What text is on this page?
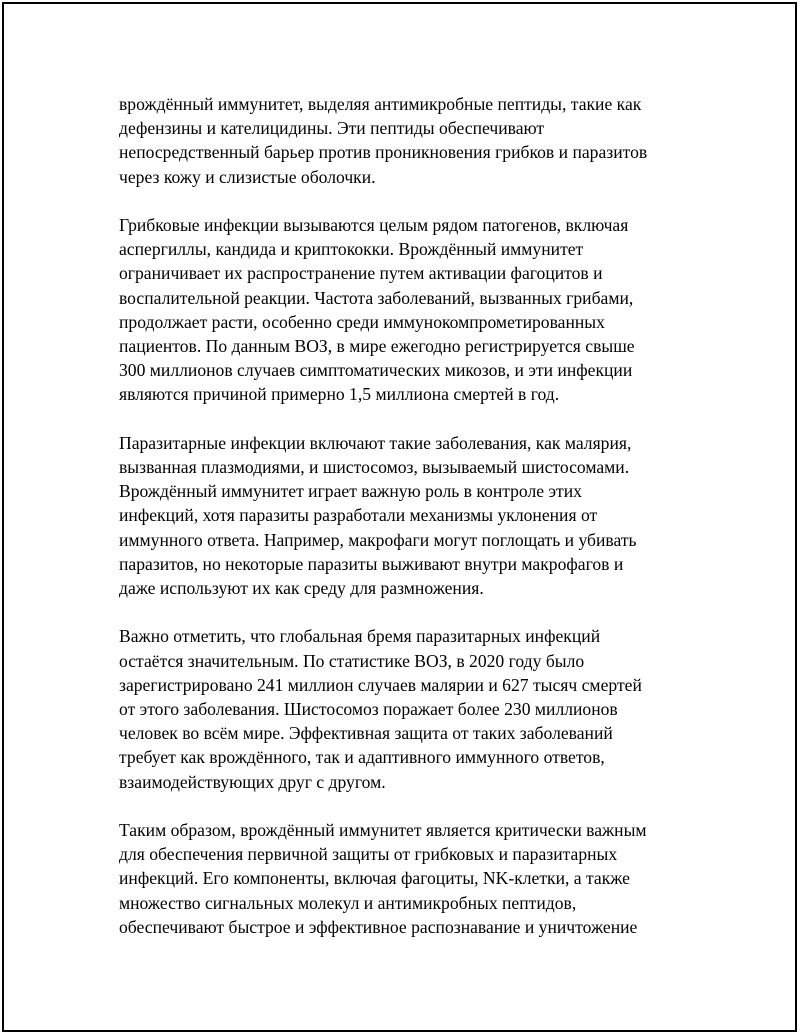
врождённый иммунитет, выделяя антимикробные пептиды, такие как
дефензины и кателицидины. Эти пептиды обеспечивают
непосредственный барьер против проникновения грибков и паразитов
через кожу и слизистые оболочки.
Грибковые инфекции вызываются целым рядом патогенов, включая
аспергиллы, кандида и криптококки. Врождённый иммунитет
ограничивает их распространение путем активации фагоцитов и
воспалительной реакции. Частота заболеваний, вызванных грибами,
продолжает расти, особенно среди иммунокомпрометированных
пациентов. По данным ВОЗ, в мире ежегодно регистрируется свыше
300 миллионов случаев симптоматических микозов, и эти инфекции
являются причиной примерно 1,5 миллиона смертей в год.
Паразитарные инфекции включают такие заболевания, как малярия,
вызванная плазмодиями, и шистосомоз, вызываемый шистосомами.
Врождённый иммунитет играет важную роль в контроле этих
инфекций, хотя паразиты разработали механизмы уклонения от
иммунного ответа. Например, макрофаги могут поглощать и убивать
паразитов, но некоторые паразиты выживают внутри макрофагов и
даже используют их как среду для размножения.
Важно отметить, что глобальная бремя паразитарных инфекций
остаётся значительным. По статистике ВОЗ, в 2020 году было
зарегистрировано 241 миллион случаев малярии и 627 тысяч смертей
от этого заболевания. Шистосомоз поражает более 230 миллионов
человек во всём мире. Эффективная защита от таких заболеваний
требует как врождённого, так и адаптивного иммунного ответов,
взаимодействующих друг с другом.
Таким образом, врождённый иммунитет является критически важным
для обеспечения первичной защиты от грибковых и паразитарных
инфекций. Его компоненты, включая фагоциты, NK-клетки, а также
множество сигнальных молекул и антимикробных пептидов,
обеспечивают быстрое и эффективное распознавание и уничтожение
